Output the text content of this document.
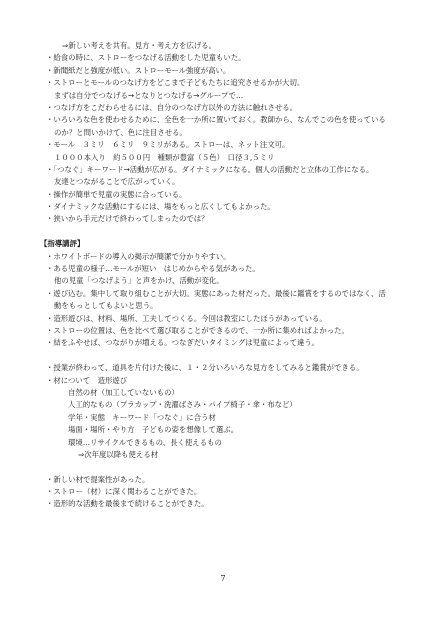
⇒新しい考えを共有。見方・考え方を広げる。
・給食の時に、ストローをつなげる活動をした児童もいた。
・新聞紙だと強度が低い。ストローモール強度が高い。
・ストローとモールのつなげ方をどこまで子どもたちに追究させるかが大切。
まずは自分でつなげる→となりとつなげる→グループで…
・つなげ方をこだわらせるには、自分のつなげ方以外の方法に触れさせる。
・いろいろな色を使わせるために、全色を一か所に置いておく。教師から、なんでこの色を使っている
のか？と問いかけて、色に注目させる。
・モール　３ミリ　６ミリ　９ミリがある。ストローは、ネット注文可。
１０００本入り　約５００円　種類が豊富（５色）　口径３,５ミリ
・「つなぐ」キーワード→活動が広がる。ダイナミックになる。個人の活動だと立体の工作になる。
友達とつながることで広がっていく。
・操作が簡単で児童の実態に合っている。
・ダイナミックな活動にするには、場をもっと広くしてもよかった。
・狭いから手元だけで終わってしまったのでは？
【指導講評】
・ホワイトボードの導入の掲示が簡潔で分かりやすい。
・ある児童の様子…モールが短い　はじめからやる気があった。
他の児童「つなげよう」と声をかけ、活動が変化。
・遊び込む。集中して取り組むことが大切。実態にあった材だった。最後に鑑賞をするのではなく、活
動をもっとしてもよいと思う。
・造形遊びは、材料、場所、工夫してつくる。今回は教室にしたほうがあっている。
・ストローの位置は、色を比べて選び取ることができるので、一か所に集めればよかった。
・結をふやせば、つながりが増える。つなぎだいタイミングは児童によって違う。
・授業が終わって、道具を片付けた後に、１・２分いろいろな見方をしてみると鑑賞ができる。
・材について　造形遊び
自然の材（加工していないもの）
人工的なもの（プラカップ・洗濯ばさみ・パイプ椅子・傘・布など）
学年・実態　キーワード「つなぐ」に合う材
場面・場所・やり方　子どもの姿を想像して選ぶ。
環境…リサイクルできるもの、長く使えるもの
⇒次年度以降も使える材
・新しい材で提案性があった。
・ストロー（材）に深く関わることができた。
・造形的な活動を最後まで続けることができた。
7
